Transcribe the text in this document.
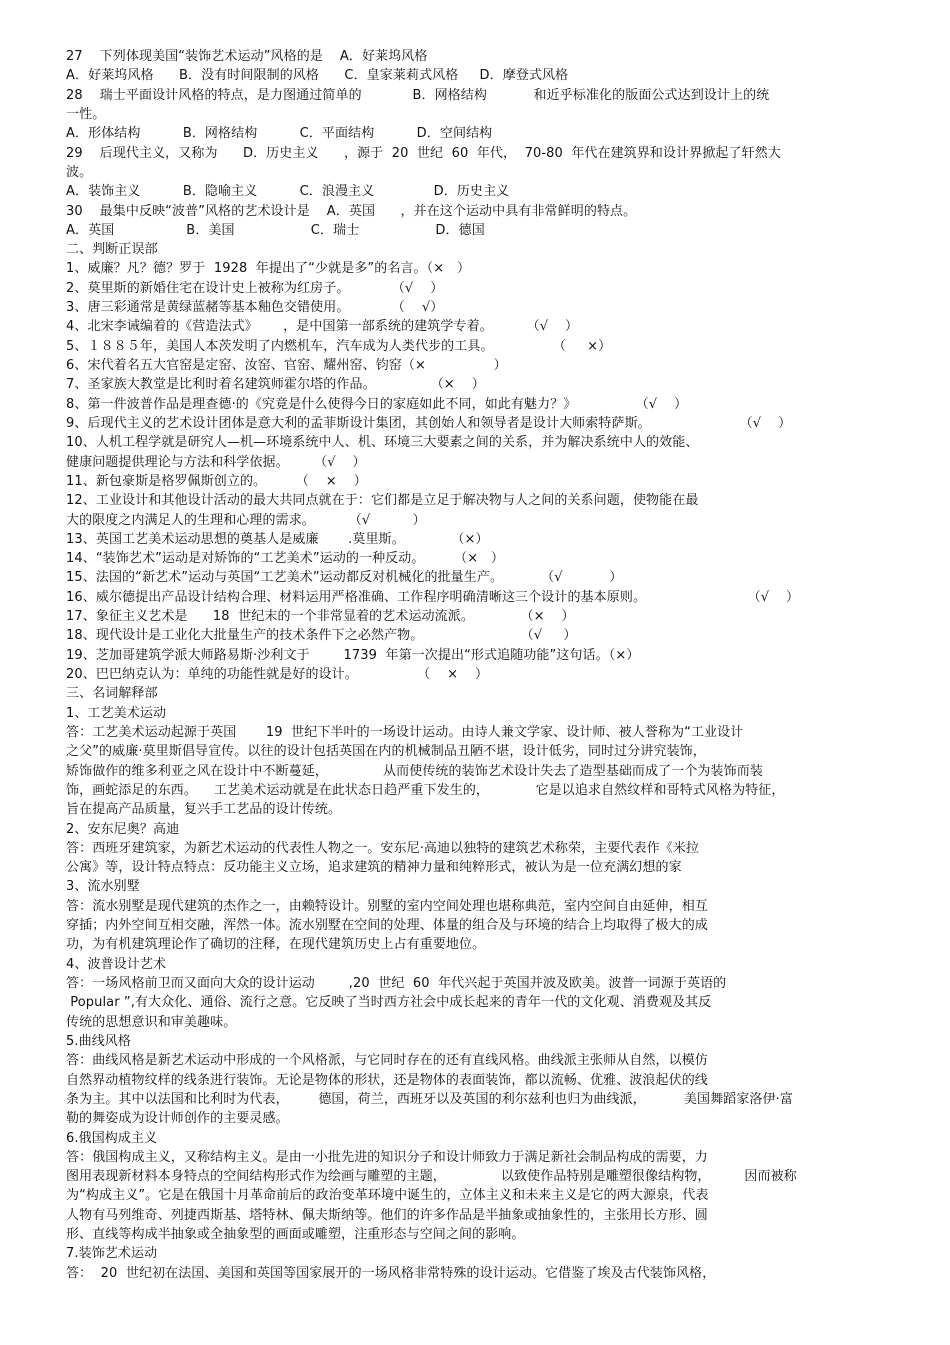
27    下列体现美国“装饰艺术运动”风格的是    A．好莱坞风格
A．好莱坞风格      B．没有时间限制的风格      C．皇家莱莉式风格     D．摩登式风格
28    瑞士平面设计风格的特点，是力图通过简单的            B．网格结构           和近乎标准化的版面公式达到设计上的统
一性。
A．形体结构          B．网格结构          C．平面结构          D．空间结构
29    后现代主义，又称为      D．历史主义      ，源于  20  世纪  60  年代，  70-80  年代在建筑界和设计界掀起了轩然大
波。
A．装饰主义          B．隐喻主义          C．浪漫主义              D．历史主义
30    最集中反映“波普”风格的艺术设计是    A．英国      ，并在这个运动中具有非常鲜明的特点。
A．英国                 B．美国                  C．瑞士                  D．德国
二、判断正误部
1、威廉？凡？德？罗于  1928  年提出了“少就是多”的名言。（×   ）
2、莫里斯的新婚住宅在设计史上被称为红房子。          （√    ）
3、唐三彩通常是黄绿蓝赭等基本釉色交错使用。          （    √）
4、北宋李诫编着的《营造法式》      ，是中国第一部系统的建筑学专着。        （√    ）
5、１８８５年，美国人本茨发明了内燃机车，汽车成为人类代步的工具。              （     ×）
6、宋代着名五大官窑是定窑、汝窑、官窑、耀州窑、钧窑（×                ）
7、圣家族大教堂是比利时着名建筑师霍尔塔的作品。             （×    ）
8、第一件波普作品是理查德·的《究竟是什么使得今日的家庭如此不同，如此有魅力？》              （√    ）
9、后现代主义的艺术设计团体是意大利的孟菲斯设计集团，其创始人和领导者是设计大师索特萨斯。                     （√    ）
10、人机工程学就是研究人—机—环境系统中人、机、环境三大要素之间的关系，并为解决系统中人的效能、
健康问题提供理论与方法和科学依据。      （√    ）
11、新包豪斯是格罗佩斯创立的。       （    ×    ）
12、工业设计和其他设计活动的最大共同点就在于：它们都是立足于解决物与人之间的关系问题，使物能在最
大的限度之内满足人的生理和心理的需求。        （√          ）
13、英国工艺美术运动思想的奠基人是威廉       .莫里斯。           （×）
14、“装饰艺术”运动是对矫饰的“工艺美术”运动的一种反动。       （×   ）
15、法国的“新艺术”运动与英国“工艺美术”运动都反对机械化的批量生产。         （√           ）
16、威尔德提出产品设计结构合理、材料运用严格准确、工作程序明确清晰这三个设计的基本原则。                        （√    ）
17、象征主义艺术是      18  世纪末的一个非常显着的艺术运动流派。           （×    ）
18、现代设计是工业化大批量生产的技术条件下之必然产物。                       （√     ）
19、芝加哥建筑学派大师路易斯·沙利文于        1739  年第一次提出“形式追随功能”这句话。（×）
20、巴巴纳克认为：单纯的功能性就是好的设计。              （    ×    ）
三、名词解释部
1、工艺美术运动
答：工艺美术运动起源于英国       19  世纪下半叶的一场设计运动。由诗人兼文学家、设计师、被人誉称为“工业设计
之父”的威廉·莫里斯倡导宣传。以往的设计包括英国在内的机械制品丑陋不堪，设计低劣，同时过分讲究装饰，
矫饰做作的维多利亚之风在设计中不断蔓延，             从而使传统的装饰艺术设计失去了造型基础而成了一个为装饰而装
饰，画蛇添足的东西。    工艺美术运动就是在此状态日趋严重下发生的，           它是以追求自然纹样和哥特式风格为特征，
旨在提高产品质量，复兴手工艺品的设计传统。
2、安东尼奥？高迪
答：西班牙建筑家，为新艺术运动的代表性人物之一。安东尼·高迪以独特的建筑艺术称荣，主要代表作《米拉
公寓》等，设计特点特点：反功能主义立场，追求建筑的精神力量和纯粹形式，被认为是一位充满幻想的家
3、流水别墅
答：流水别墅是现代建筑的杰作之一，由赖特设计。别墅的室内空间处理也堪称典范，室内空间自由延伸，相互
穿插；内外空间互相交融，浑然一体。流水别墅在空间的处理、体量的组合及与环境的结合上均取得了极大的成
功，为有机建筑理论作了确切的注释，在现代建筑历史上占有重要地位。
4、波普设计艺术
答：一场风格前卫而又面向大众的设计运动        ,20  世纪  60  年代兴起于英国并波及欧美。波普一词源于英语的
Popular ”,有大众化、通俗、流行之意。它反映了当时西方社会中成长起来的青年一代的文化观、消费观及其反
传统的思想意识和审美趣味。
5.曲线风格
答：曲线风格是新艺术运动中形成的一个风格派，与它同时存在的还有直线风格。曲线派主张师从自然，以模仿
自然界动植物纹样的线条进行装饰。无论是物体的形状，还是物体的表面装饰，都以流畅、优雅、波浪起伏的线
条为主。其中以法国和比利时为代表，       德国，荷兰，西班牙以及英国的利尔兹利也归为曲线派，         美国舞蹈家洛伊·富
勒的舞姿成为设计师创作的主要灵感。
6.俄国构成主义
答：俄国构成主义，又称结构主义。是由一小批先进的知识分子和设计师致力于满足新社会制品构成的需要，力
图用表现新材料本身特点的空间结构形式作为绘画与雕塑的主题，             以致使作品特别是雕塑很像结构物，        因而被称
为“构成主义”。它是在俄国十月革命前后的政治变革环境中诞生的，立体主义和未来主义是它的两大源泉，代表
人物有马列维奇、列捷西斯基、塔特林、佩夫斯纳等。他们的许多作品是半抽象或抽象性的，主张用长方形、圆
形、直线等构成半抽象或全抽象型的画面或雕塑，注重形态与空间之间的影响。
7.装饰艺术运动
答：  20  世纪初在法国、美国和英国等国家展开的一场风格非常特殊的设计运动。它借鉴了埃及古代装饰风格，
